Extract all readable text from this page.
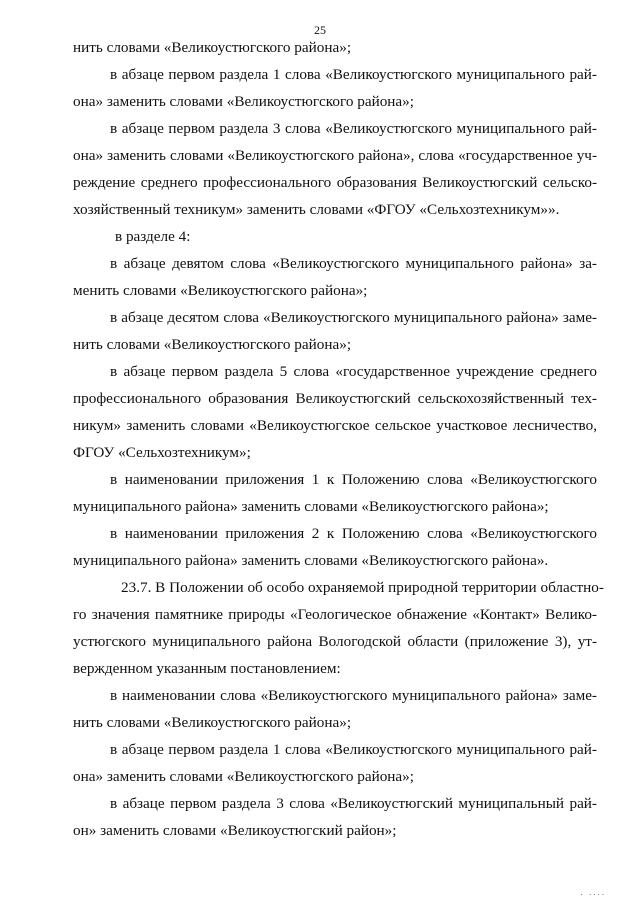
25
нить словами «Великоустюгского района»;
в абзаце первом раздела 1 слова «Великоустюгского муниципального рай-
она» заменить словами «Великоустюгского района»;
в абзаце первом раздела 3 слова «Великоустюгского муниципального рай-
она» заменить словами «Великоустюгского района», слова «государственное уч-
реждение среднего профессионального образования Великоустюгский сельско-
хозяйственный техникум» заменить словами «ФГОУ «Сельхозтехникум»».
в разделе 4:
в абзаце девятом слова «Великоустюгского муниципального района» за-
менить словами «Великоустюгского района»;
в абзаце десятом слова «Великоустюгского муниципального района» заме-
нить словами «Великоустюгского района»;
в абзаце первом раздела 5 слова «государственное учреждение среднего
профессионального образования Великоустюгский сельскохозяйственный тех-
никум» заменить словами «Великоустюгское сельское участковое лесничество,
ФГОУ «Сельхозтехникум»;
в наименовании приложения 1 к Положению слова «Великоустюгского
муниципального района» заменить словами «Великоустюгского района»;
в наименовании приложения 2 к Положению слова «Великоустюгского
муниципального района» заменить словами «Великоустюгского района».
23.7. В Положении об особо охраняемой природной территории областно-
го значения памятнике природы «Геологическое обнажение «Контакт» Велико-
устюгского муниципального района Вологодской области (приложение 3), ут-
вержденном указанным постановлением:
в наименовании слова «Великоустюгского муниципального района» заме-
нить словами «Великоустюгского района»;
в абзаце первом раздела 1 слова «Великоустюгского муниципального рай-
она» заменить словами «Великоустюгского района»;
в абзаце первом раздела 3 слова «Великоустюгский муниципальный рай-
он» заменить словами «Великоустюгский район»;
. ....
